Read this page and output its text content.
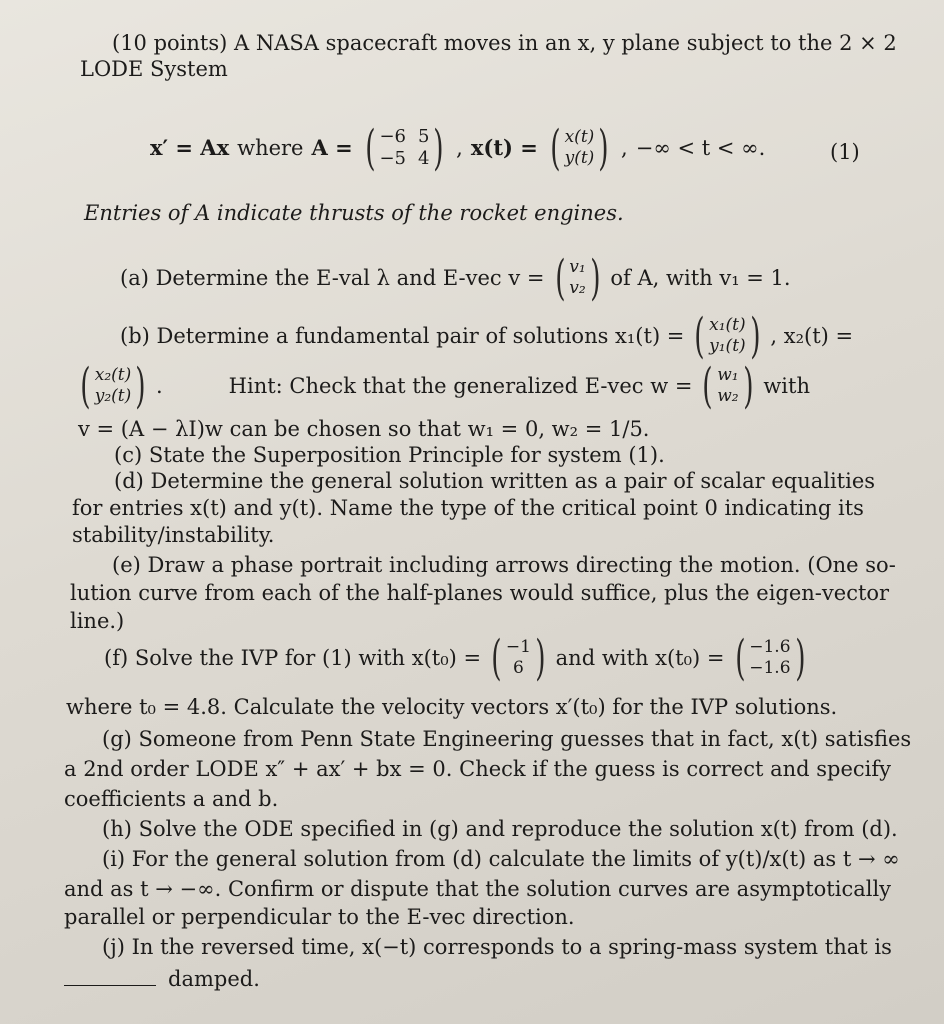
(10 points) A NASA spacecraft moves in an x, y plane subject to the 2 × 2
LODE System
x′ = Ax where A = ( −6 5
−5 4 ) , x(t) = ( x(t)
y(t) ) , −∞ < t < ∞.	(1)
Entries of A indicate thrusts of the rocket engines.
(a) Determine the E-val λ and E-vec v = ( v₁
v₂ ) of A, with v₁ = 1.
(b) Determine a fundamental pair of solutions x₁(t) = ( x₁(t)
y₁(t) ) , x₂(t) =
( x₂(t)
y₂(t) ) .	Hint: Check that the generalized E-vec w = ( w₁
w₂ ) with
v = (A − λI)w can be chosen so that w₁ = 0, w₂ = 1/5.
(c) State the Superposition Principle for system (1).
(d) Determine the general solution written as a pair of scalar equalities
for entries x(t) and y(t). Name the type of the critical point 0 indicating its
stability/instability.
(e) Draw a phase portrait including arrows directing the motion. (One so-
lution curve from each of the half-planes would suffice, plus the eigen-vector
line.)
(f) Solve the IVP for (1) with x(t₀) = ( −1
6 ) and with x(t₀) = ( −1.6
−1.6 )
where t₀ = 4.8. Calculate the velocity vectors x′(t₀) for the IVP solutions.
(g) Someone from Penn State Engineering guesses that in fact, x(t) satisfies
a 2nd order LODE x″ + ax′ + bx = 0. Check if the guess is correct and specify
coefficients a and b.
(h) Solve the ODE specified in (g) and reproduce the solution x(t) from (d).
(i) For the general solution from (d) calculate the limits of y(t)/x(t) as t → ∞
and as t → −∞. Confirm or dispute that the solution curves are asymptotically
parallel or perpendicular to the E-vec direction.
(j) In the reversed time, x(−t) corresponds to a spring-mass system that is
damped.
